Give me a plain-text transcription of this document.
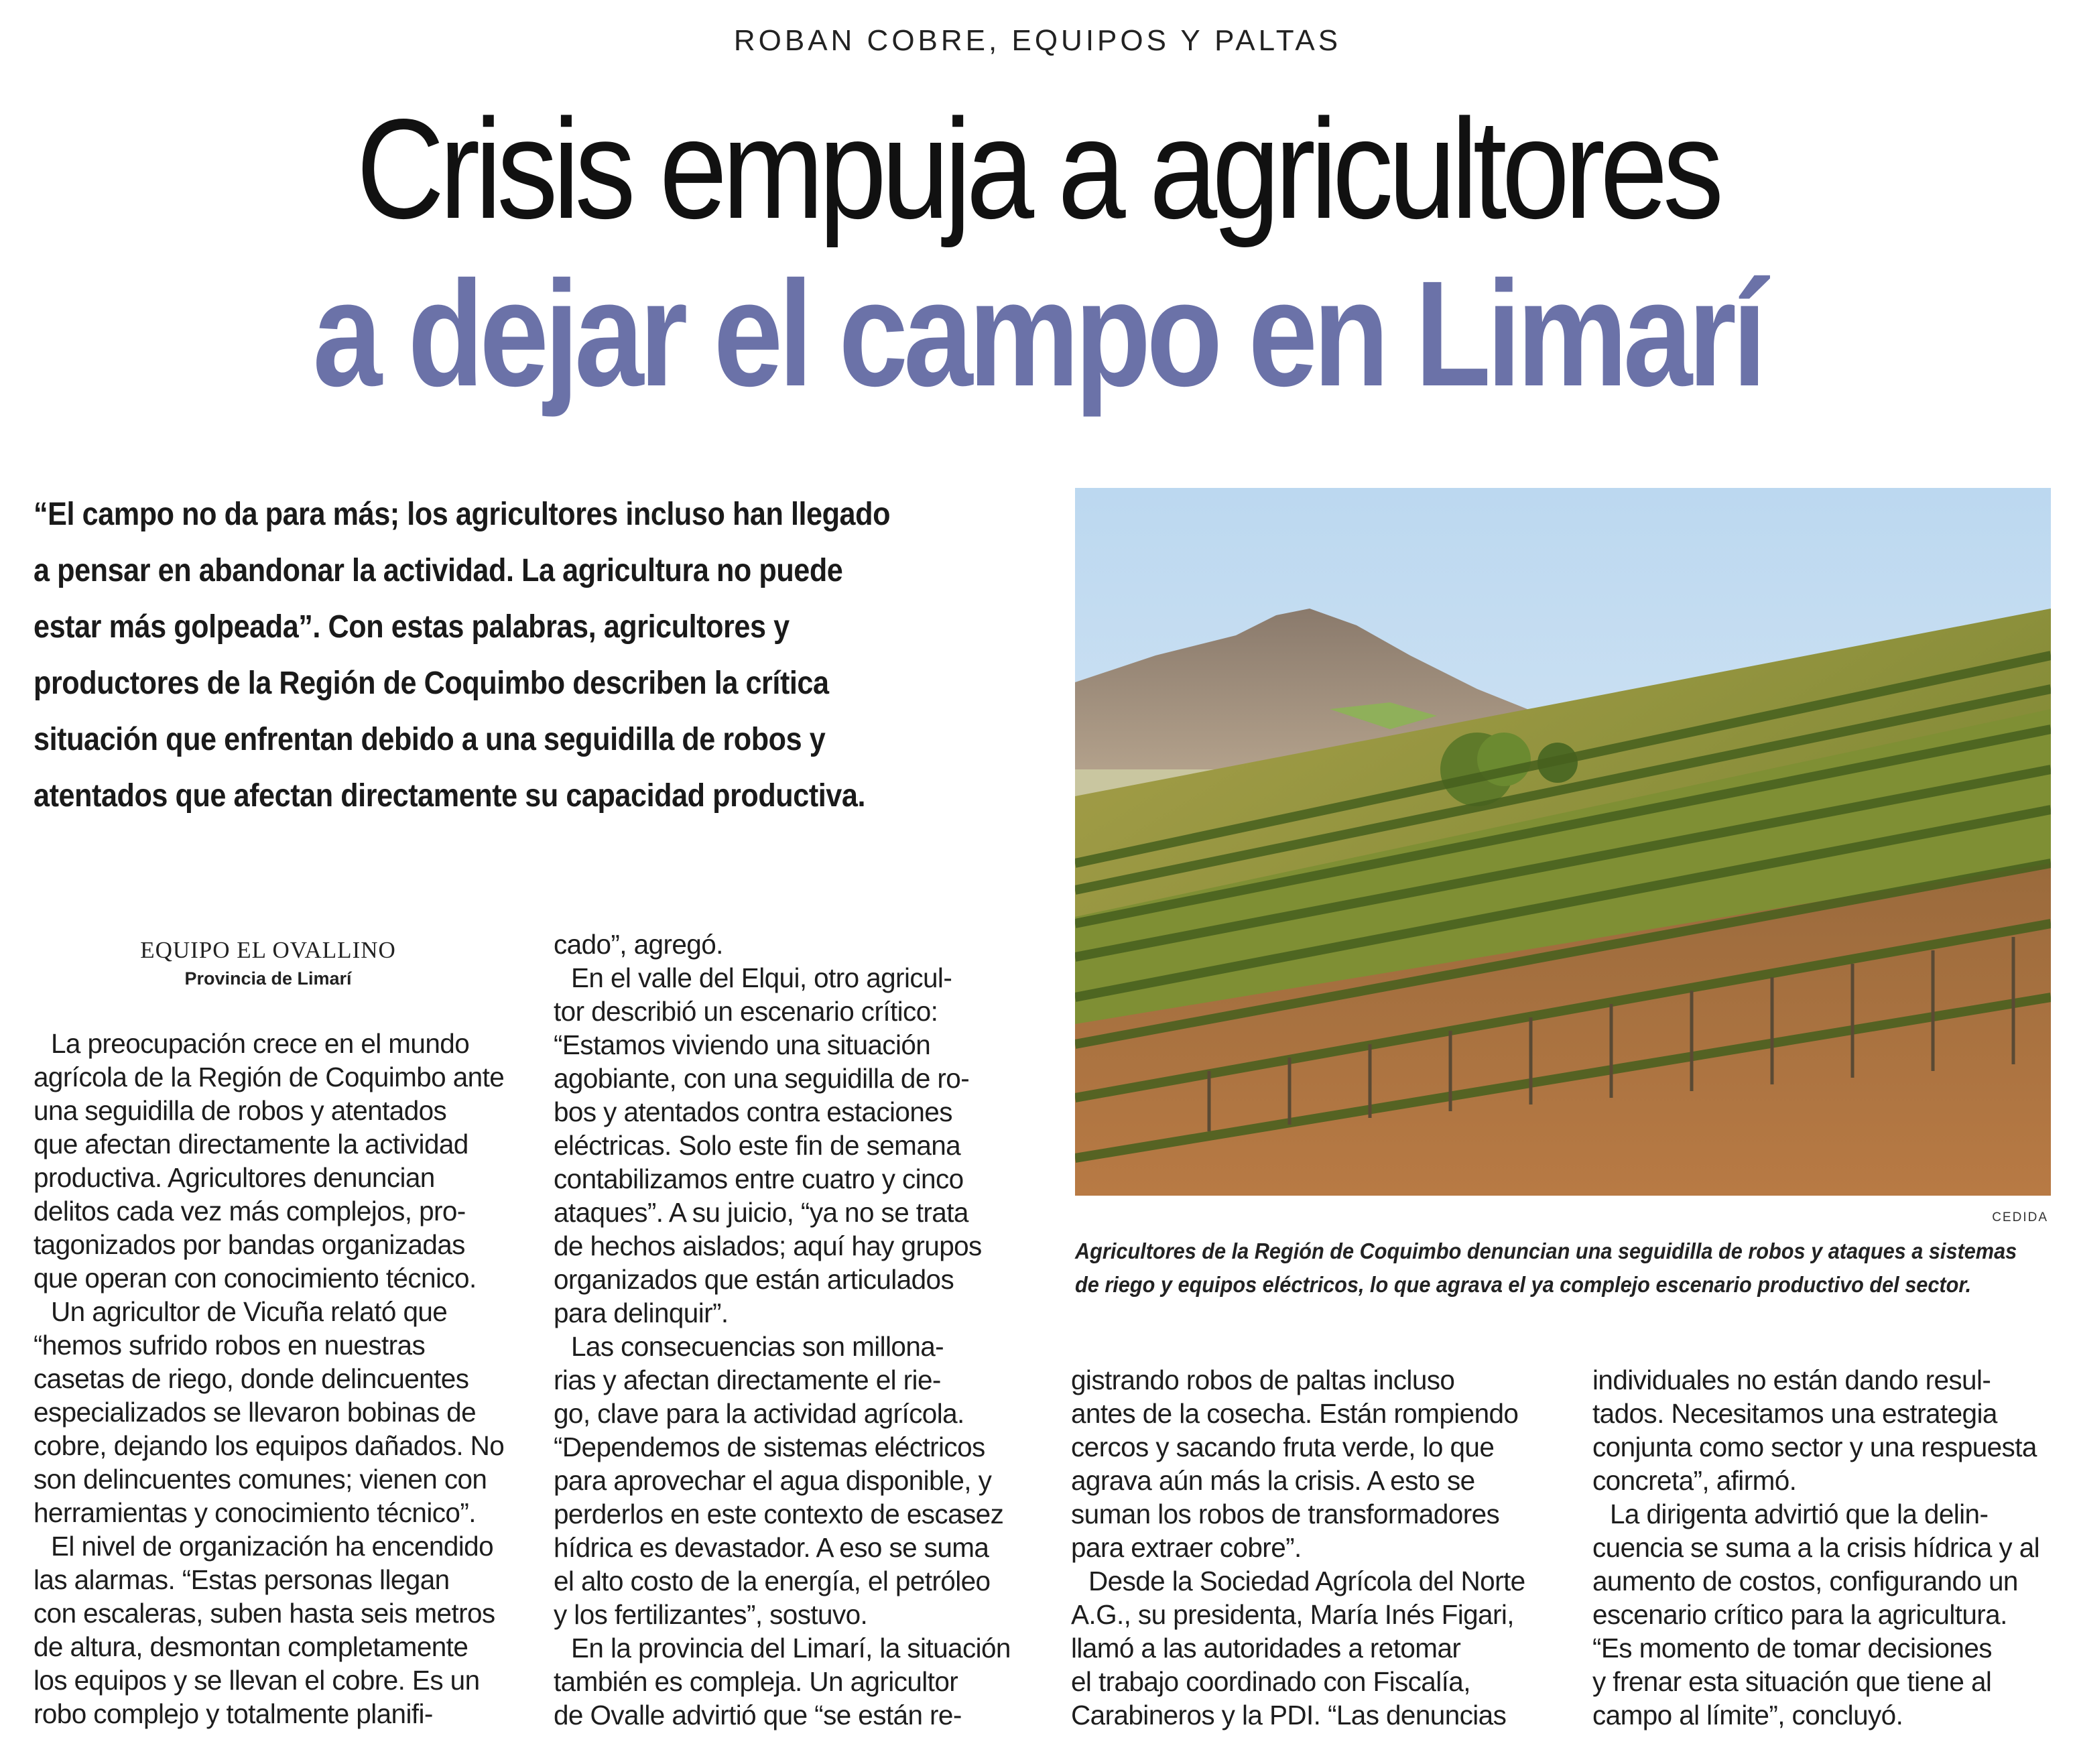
ROBAN COBRE, EQUIPOS Y PALTAS
Crisis empuja a agricultores
a dejar el campo en Limarí
“El campo no da para más; los agricultores incluso han llegado
a pensar en abandonar la actividad. La agricultura no puede
estar más golpeada”. Con estas palabras, agricultores y
productores de la Región de Coquimbo describen la crítica
situación que enfrentan debido a una seguidilla de robos y
atentados que afectan directamente su capacidad productiva.
EQUIPO EL OVALLINO
Provincia de Limarí
La preocupación crece en el mundo
agrícola de la Región de Coquimbo ante
una seguidilla de robos y atentados
que afectan directamente la actividad
productiva. Agricultores denuncian
delitos cada vez más complejos, pro-
tagonizados por bandas organizadas
que operan con conocimiento técnico.
Un agricultor de Vicuña relató que
“hemos sufrido robos en nuestras
casetas de riego, donde delincuentes
especializados se llevaron bobinas de
cobre, dejando los equipos dañados. No
son delincuentes comunes; vienen con
herramientas y conocimiento técnico”.
El nivel de organización ha encendido
las alarmas. “Estas personas llegan
con escaleras, suben hasta seis metros
de altura, desmontan completamente
los equipos y se llevan el cobre. Es un
robo complejo y totalmente planifi-
cado”, agregó.
En el valle del Elqui, otro agricul-
tor describió un escenario crítico:
“Estamos viviendo una situación
agobiante, con una seguidilla de ro-
bos y atentados contra estaciones
eléctricas. Solo este fin de semana
contabilizamos entre cuatro y cinco
ataques”. A su juicio, “ya no se trata
de hechos aislados; aquí hay grupos
organizados que están articulados
para delinquir”.
Las consecuencias son millona-
rias y afectan directamente el rie-
go, clave para la actividad agrícola.
“Dependemos de sistemas eléctricos
para aprovechar el agua disponible, y
perderlos en este contexto de escasez
hídrica es devastador. A eso se suma
el alto costo de la energía, el petróleo
y los fertilizantes”, sostuvo.
En la provincia del Limarí, la situación
también es compleja. Un agricultor
de Ovalle advirtió que “se están re-
CEDIDA
Agricultores de la Región de Coquimbo denuncian una seguidilla de robos y ataques a sistemas
de riego y equipos eléctricos, lo que agrava el ya complejo escenario productivo del sector.
gistrando robos de paltas incluso
antes de la cosecha. Están rompiendo
cercos y sacando fruta verde, lo que
agrava aún más la crisis. A esto se
suman los robos de transformadores
para extraer cobre”.
Desde la Sociedad Agrícola del Norte
A.G., su presidenta, María Inés Figari,
llamó a las autoridades a retomar
el trabajo coordinado con Fiscalía,
Carabineros y la PDI. “Las denuncias
individuales no están dando resul-
tados. Necesitamos una estrategia
conjunta como sector y una respuesta
concreta”, afirmó.
La dirigenta advirtió que la delin-
cuencia se suma a la crisis hídrica y al
aumento de costos, configurando un
escenario crítico para la agricultura.
“Es momento de tomar decisiones
y frenar esta situación que tiene al
campo al límite”, concluyó.
